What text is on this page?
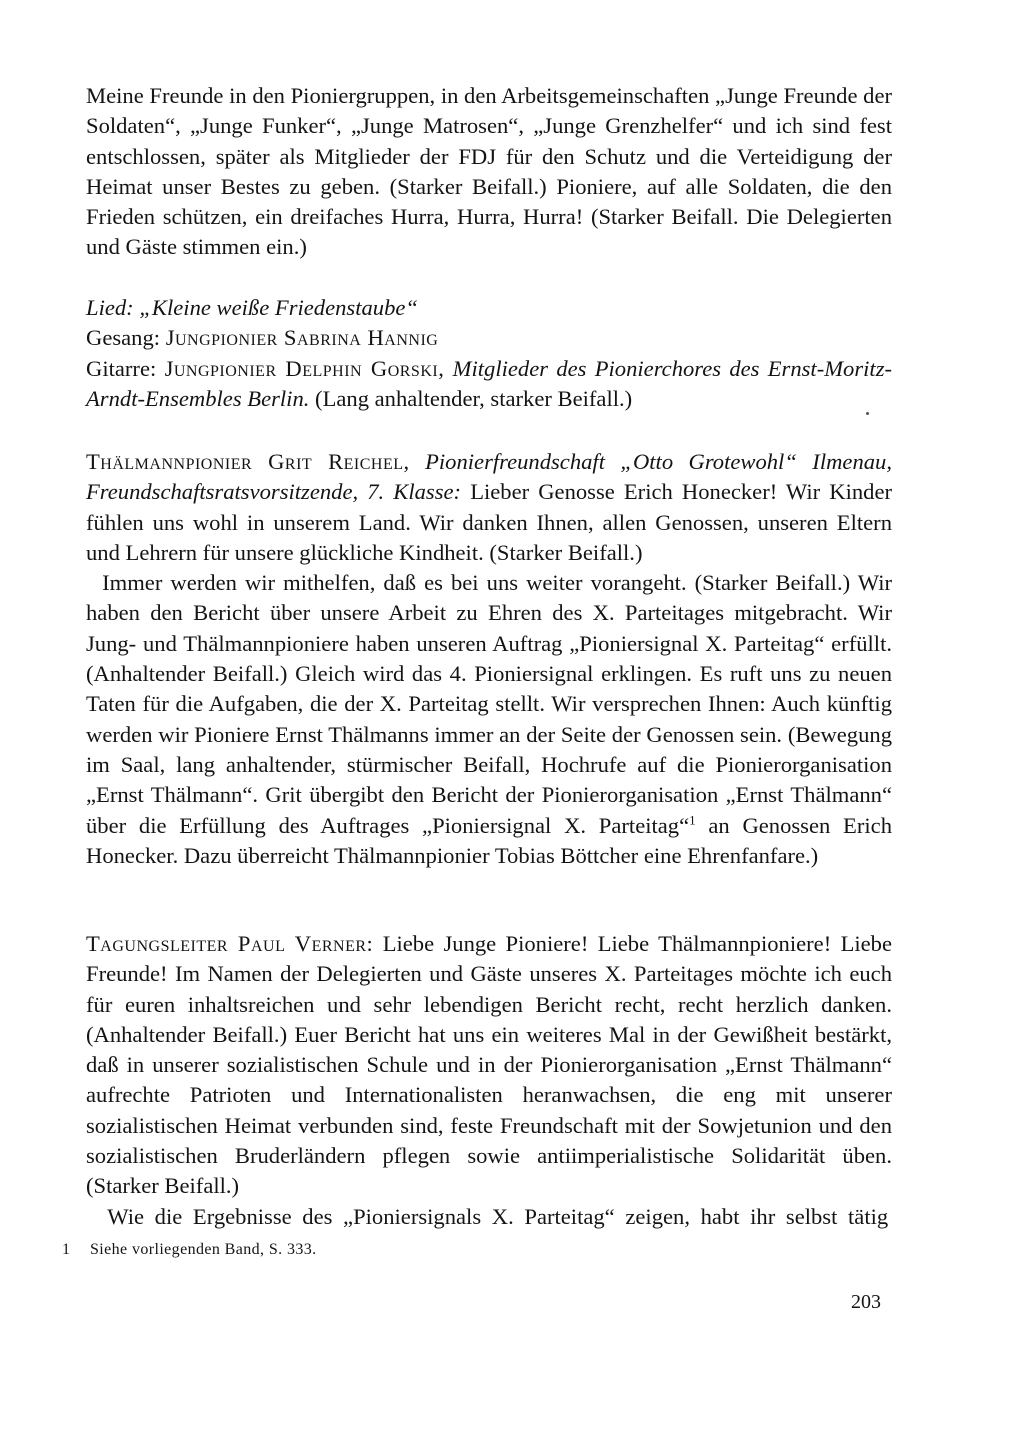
Meine Freunde in den Pioniergruppen, in den Arbeitsgemeinschaften „Junge Freunde der Soldaten“, „Junge Funker“, „Junge Matrosen“, „Junge Grenzhelfer“ und ich sind fest entschlossen, später als Mitglieder der FDJ für den Schutz und die Verteidigung der Heimat unser Bestes zu geben. (Starker Beifall.) Pioniere, auf alle Soldaten, die den Frieden schützen, ein dreifaches Hurra, Hurra, Hurra! (Starker Beifall. Die Delegierten und Gäste stimmen ein.)

Lied: „Kleine weiße Friedenstaube“

Gesang: Jungpionier Sabrina Hannig

Gitarre: Jungpionier Delphin Gorski, Mitglieder des Pionierchores des Ernst-Moritz-Arndt-Ensembles Berlin. (Lang anhaltender, starker Beifall.)

Thälmannpionier Grit Reichel, Pionierfreundschaft „Otto Grotewohl“ Ilmenau, Freundschaftsratsvorsitzende, 7. Klasse: Lieber Genosse Erich Honecker! Wir Kinder fühlen uns wohl in unserem Land. Wir danken Ihnen, allen Genossen, unseren Eltern und Lehrern für unsere glückliche Kindheit. (Starker Beifall.)

Immer werden wir mithelfen, daß es bei uns weiter vorangeht. (Starker Beifall.) Wir haben den Bericht über unsere Arbeit zu Ehren des X. Parteitages mitgebracht. Wir Jung- und Thälmannpioniere haben unseren Auftrag „Pioniersignal X. Parteitag“ erfüllt. (Anhaltender Beifall.) Gleich wird das 4. Pioniersignal erklingen. Es ruft uns zu neuen Taten für die Aufgaben, die der X. Parteitag stellt. Wir versprechen Ihnen: Auch künftig werden wir Pioniere Ernst Thälmanns immer an der Seite der Genossen sein. (Bewegung im Saal, lang anhaltender, stürmischer Beifall, Hochrufe auf die Pionierorganisation „Ernst Thälmann“. Grit übergibt den Bericht der Pionierorganisation „Ernst Thälmann“ über die Erfüllung des Auftrages „Pioniersignal X. Parteitag“$^1$ an Genossen Erich Honecker. Dazu überreicht Thälmannpionier Tobias Böttcher eine Ehrenfanfare.)

Tagungsleiter Paul Verner: Liebe Junge Pioniere! Liebe Thälmannpioniere! Liebe Freunde! Im Namen der Delegierten und Gäste unseres X. Parteitages möchte ich euch für euren inhaltsreichen und sehr lebendigen Bericht recht, recht herzlich danken. (Anhaltender Beifall.) Euer Bericht hat uns ein weiteres Mal in der Gewißheit bestärkt, daß in unserer sozialistischen Schule und in der Pionierorganisation „Ernst Thälmann“ aufrechte Patrioten und Internationalisten heranwachsen, die eng mit unserer sozialistischen Heimat verbunden sind, feste Freundschaft mit der Sowjetunion und den sozialistischen Bruderländern pflegen sowie antiimperialistische Solidarität üben. (Starker Beifall.)

Wie die Ergebnisse des „Pioniersignals X. Parteitag“ zeigen, habt ihr selbst tätig

1 Siehe vorliegenden Band, S. 333.
203
